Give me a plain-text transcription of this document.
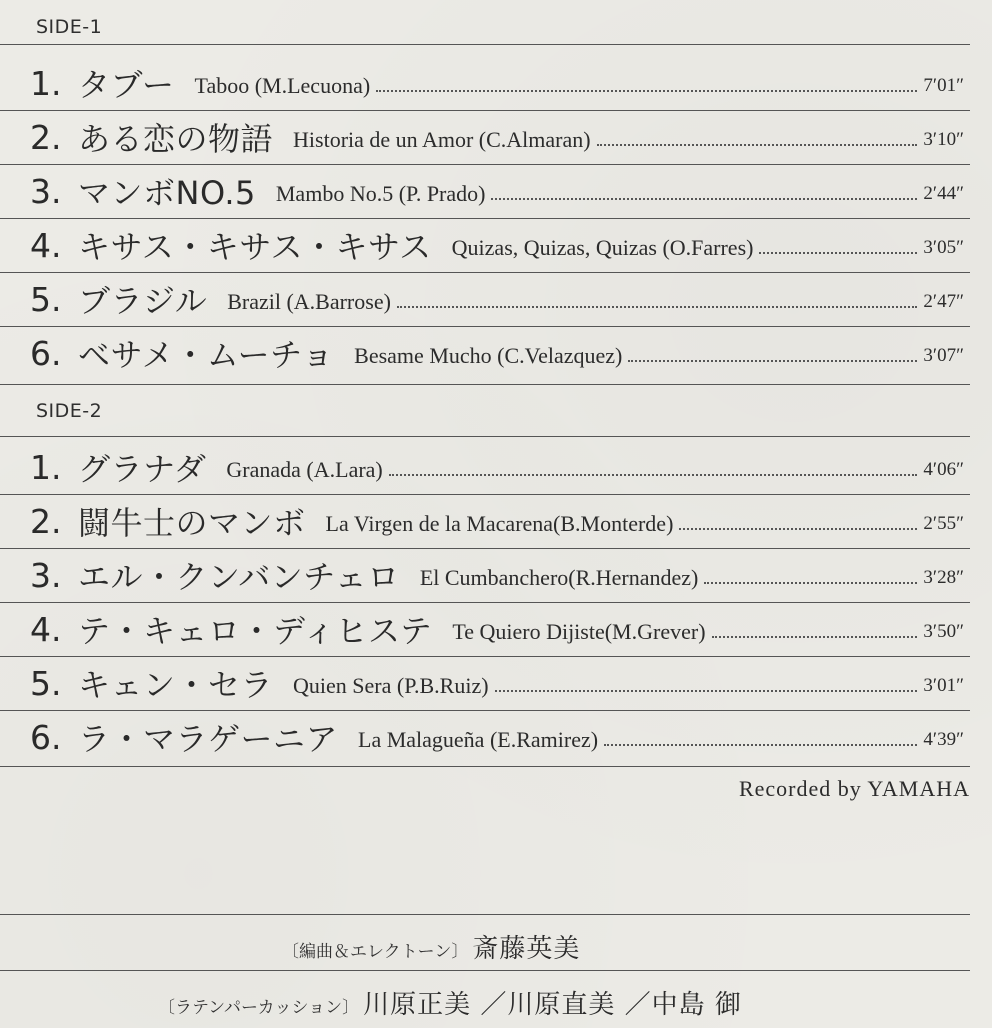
SIDE-1
1. タブー Taboo (M.Lecuona)	7′01″
2. ある恋の物語 Historia de un Amor (C.Almaran)	3′10″
3. マンボNO.5 Mambo No.5 (P. Prado)	2′44″
4. キサス・キサス・キサス Quizas, Quizas, Quizas (O.Farres)	3′05″
5. ブラジル Brazil (A.Barrose)	2′47″
6. ベサメ・ムーチョ Besame Mucho (C.Velazquez)	3′07″
SIDE-2
1. グラナダ Granada (A.Lara)	4′06″
2. 闘牛士のマンボ La Virgen de la Macarena(B.Monterde)	2′55″
3. エル・クンバンチェロ El Cumbanchero(R.Hernandez)	3′28″
4. テ・キェロ・ディヒステ Te Quiero Dijiste(M.Grever)	3′50″
5. キェン・セラ Quien Sera (P.B.Ruiz)	3′01″
6. ラ・マラゲーニア La Malagueña (E.Ramirez)	4′39″
Recorded by YAMAHA
〔編曲＆エレクトーン〕 斎藤英美
〔ラテンパーカッション〕 川原正美 ／川原直美 ／中島 御
